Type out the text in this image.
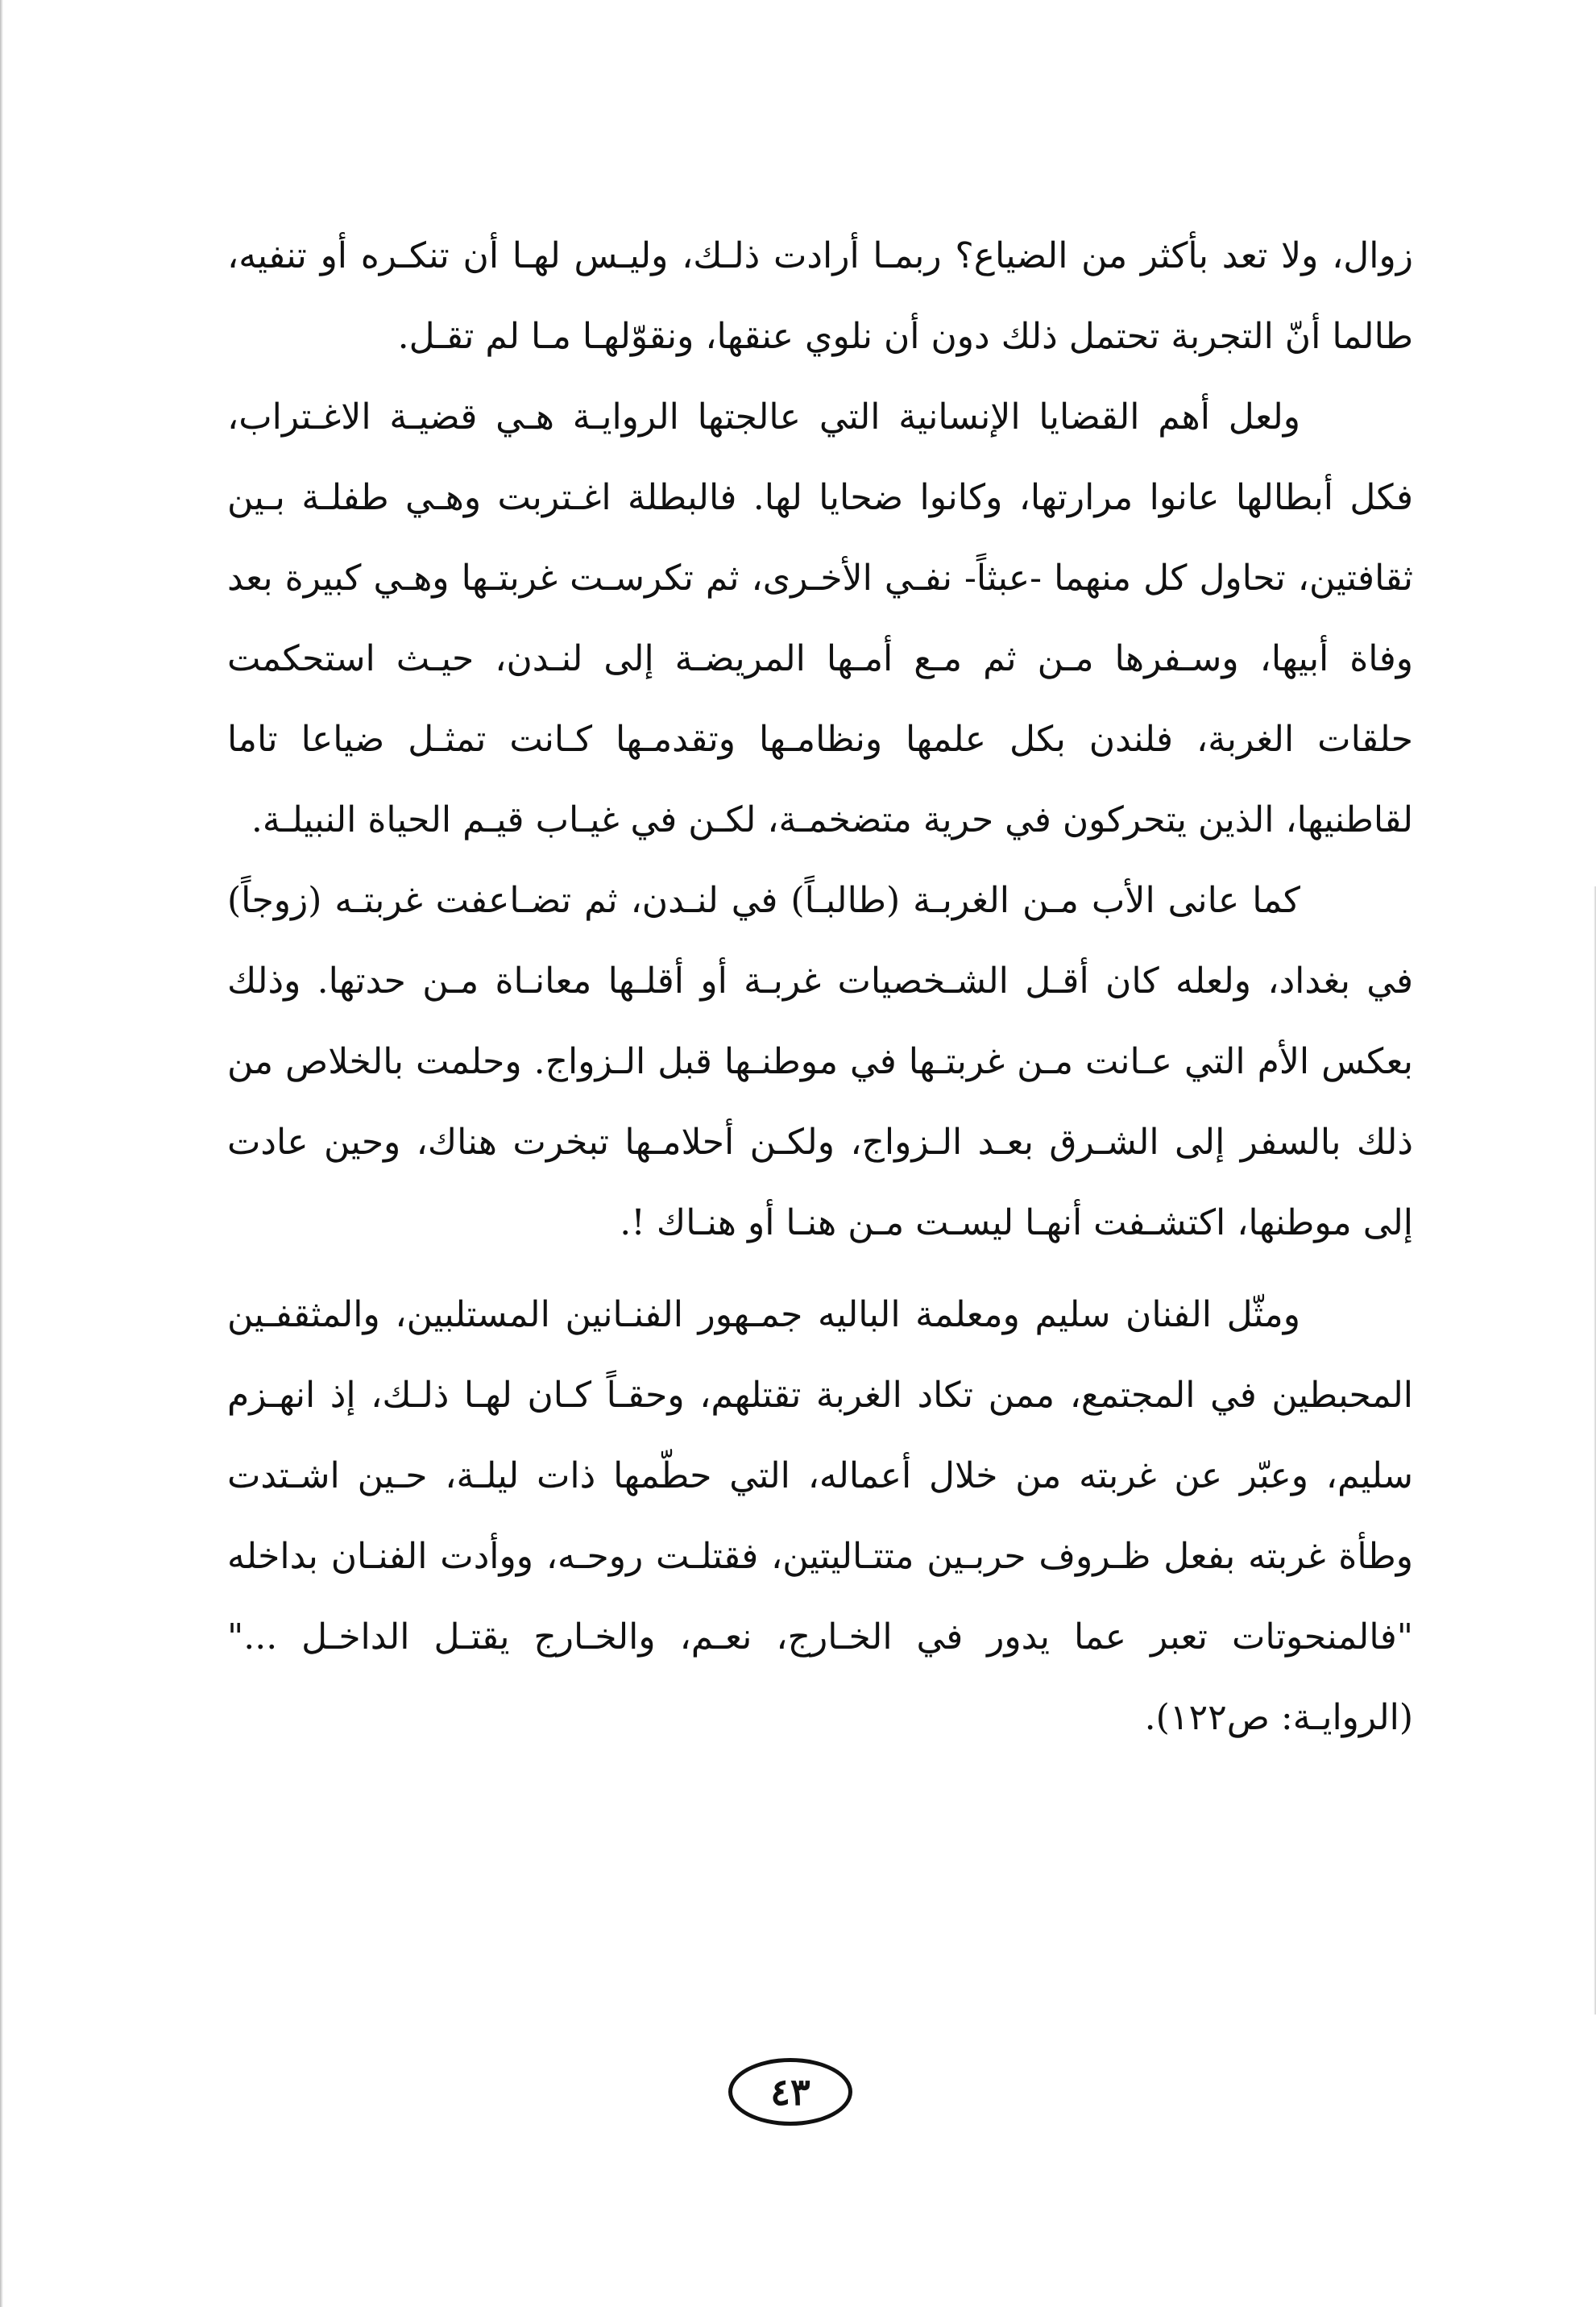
زوال، ولا تعد بأكثر من الضياع؟ ربمـا أرادت ذلـك، وليـس لهـا أن تنكـره أو تنفيه، طالما أنّ التجربة تحتمل ذلك دون أن نلوي عنقها، ونقوّلهـا مـا لم تقـل.

ولعل أهم القضايا الإنسانية التي عالجتها الروايـة هـي قضيـة الاغـتراب، فكل أبطالها عانوا مرارتها، وكانوا ضحايا لها. فالبطلة اغـتربت وهـي طفلـة بـين ثقافتين، تحاول كل منهما -عبثاً- نفـي الأخـرى، ثم تكرسـت غربتـها وهـي كبيرة بعد وفاة أبيها، وسـفرها مـن ثم مـع أمـها المريضـة إلى لنـدن، حيـث استحكمت حلقات الغربة، فلندن بكل علمها ونظامـها وتقدمـها كـانت تمثـل ضياعا تاما لقاطنيها، الذين يتحركون في حرية متضخمـة، لكـن في غيـاب قيـم الحياة النبيلـة.

كما عانى الأب مـن الغربـة (طالبـاً) في لنـدن، ثم تضـاعفت غربتـه (زوجاً) في بغداد، ولعله كان أقـل الشـخصيات غربـة أو أقلـها معانـاة مـن حدتها. وذلك بعكس الأم التي عـانت مـن غربتـها في موطنـها قبل الـزواج. وحلمت بالخلاص من ذلك بالسفر إلى الشـرق بعـد الـزواج، ولكـن أحلامـها تبخرت هناك، وحين عادت إلى موطنها، اكتشـفت أنهـا ليسـت مـن هنـا أو هنـاك !.

ومثّل الفنان سليم ومعلمة الباليه جمـهور الفنـانين المستلبين، والمثقفـين المحبطين في المجتمع، ممن تكاد الغربة تقتلهم، وحقـاً كـان لهـا ذلـك، إذ انهـزم سليم، وعبّر عن غربته من خلال أعماله، التي حطّمها ذات ليلـة، حـين اشـتدت وطأة غربته بفعل ظـروف حربـين متتـاليتين، فقتلـت روحـه، ووأدت الفنـان بداخله "فالمنحوتات تعبر عما يدور في الخـارج، نعـم، والخـارج يقتـل الداخـل ..." (الروايـة: ص١٢٢).

٤٣
